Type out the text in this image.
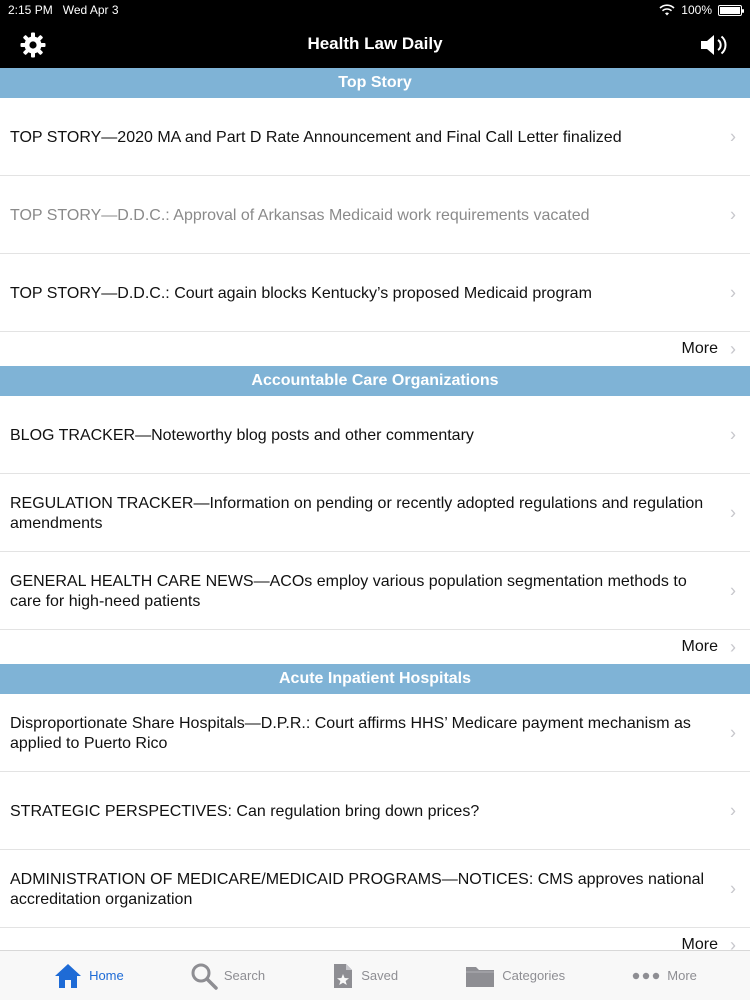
2:15 PM Wed Apr 3	100%
Health Law Daily
Top Story
TOP STORY—2020 MA and Part D Rate Announcement and Final Call Letter finalized	›
TOP STORY—D.D.C.: Approval of Arkansas Medicaid work requirements vacated	›
TOP STORY—D.D.C.: Court again blocks Kentucky’s proposed Medicaid program	›
More ›
Accountable Care Organizations
BLOG TRACKER—Noteworthy blog posts and other commentary	›
REGULATION TRACKER—Information on pending or recently adopted regulations and regulation amendments
›
GENERAL HEALTH CARE NEWS—ACOs employ various population segmentation methods to care for high-need patients
›
More ›
Acute Inpatient Hospitals
Disproportionate Share Hospitals—D.P.R.: Court affirms HHS’ Medicare payment mechanism as applied to Puerto Rico
›
STRATEGIC PERSPECTIVES: Can regulation bring down prices?	›
ADMINISTRATION OF MEDICARE/MEDICAID PROGRAMS—NOTICES: CMS approves national accreditation organization
›
More ›
Home	Search	Saved	Categories	More
